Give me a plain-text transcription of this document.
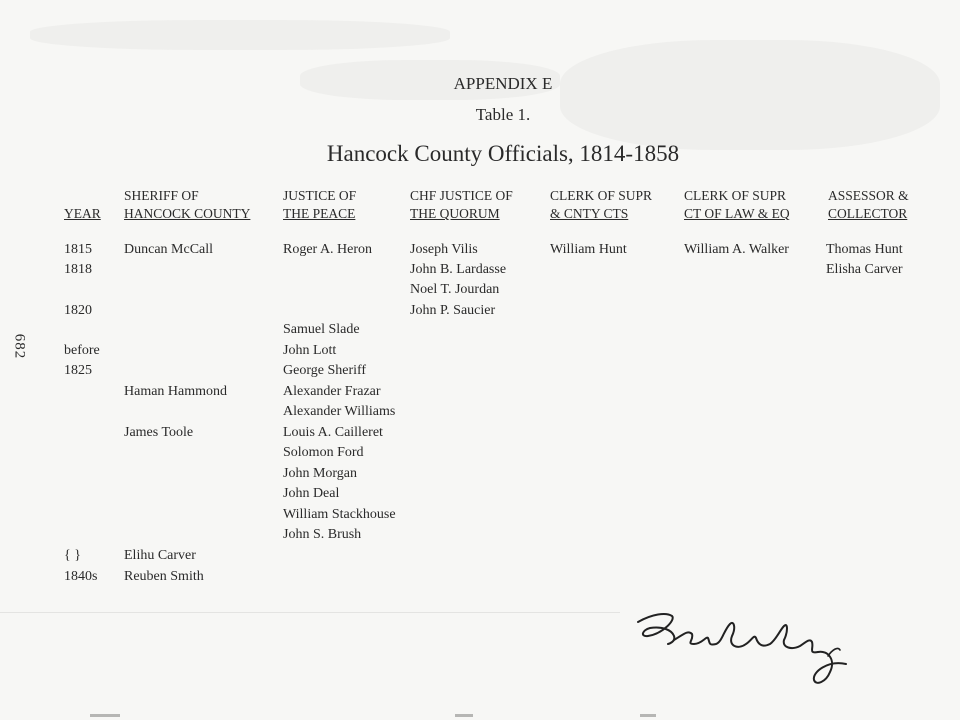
682
APPENDIX E
Table 1.
Hancock County Officials, 1814-1858
YEAR
SHERIFF OF
HANCOCK COUNTY
JUSTICE OF
THE PEACE
CHF JUSTICE OF
THE QUORUM
CLERK OF SUPR
& CNTY CTS
CLERK OF SUPR
CT OF LAW & EQ
ASSESSOR &
COLLECTOR
1815
1818
1820
before
1825
{ }
1840s
Duncan McCall
Haman Hammond
James Toole
Elihu Carver
Reuben Smith
Roger A. Heron
Samuel Slade
John Lott
George Sheriff
Alexander Frazar
Alexander Williams
Louis A. Cailleret
Solomon Ford
John Morgan
John Deal
William Stackhouse
John S. Brush
Joseph Vilis
John B. Lardasse
Noel T. Jourdan
John P. Saucier
William Hunt	William A. Walker	Thomas Hunt
Elisha Carver
